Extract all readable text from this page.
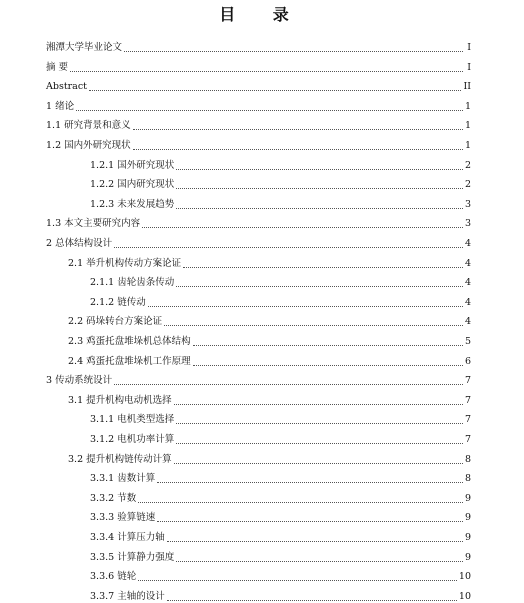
目 录
湘潭大学毕业论文	I
摘 要	I
Abstract	II
1 绪论	1
1.1 研究背景和意义	1
1.2 国内外研究现状	1
1.2.1 国外研究现状	2
1.2.2 国内研究现状	2
1.2.3 未来发展趋势	3
1.3 本文主要研究内容	3
2 总体结构设计	4
2.1 举升机构传动方案论证	4
2.1.1 齿轮齿条传动	4
2.1.2 链传动	4
2.2 码垛转台方案论证	4
2.3 鸡蛋托盘堆垛机总体结构	5
2.4 鸡蛋托盘堆垛机工作原理	6
3 传动系统设计	7
3.1 提升机构电动机选择	7
3.1.1 电机类型选择	7
3.1.2 电机功率计算	7
3.2 提升机构链传动计算	8
3.3.1 齿数计算	8
3.3.2 节数	9
3.3.3 验算链速	9
3.3.4 计算压力轴	9
3.3.5 计算静力强度	9
3.3.6 链轮	10
3.3.7 主轴的设计	10
